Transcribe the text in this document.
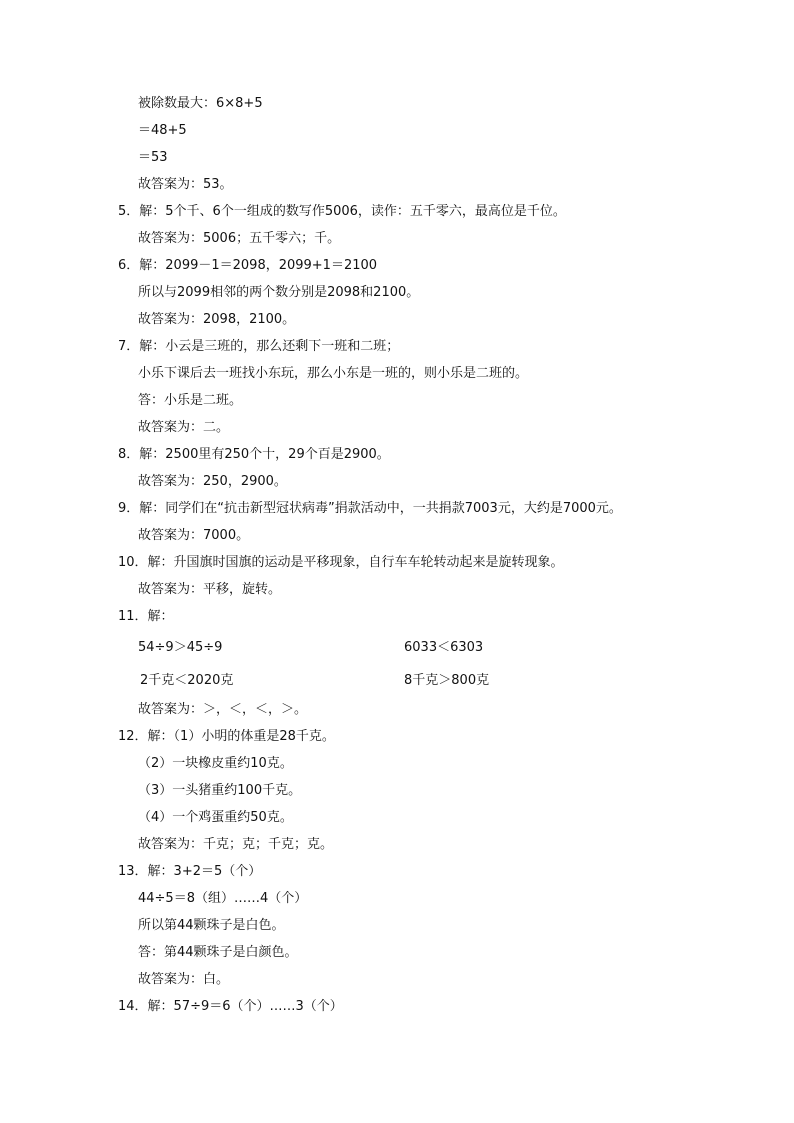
被除数最大：6×8+5
＝48+5
＝53
故答案为：53。
5．解：5个千、6个一组成的数写作5006，读作：五千零六，最高位是千位。
故答案为：5006；五千零六；千。
6．解：2099－1＝2098，2099+1＝2100
所以与2099相邻的两个数分别是2098和2100。
故答案为：2098，2100。
7．解：小云是三班的，那么还剩下一班和二班；
小乐下课后去一班找小东玩，那么小东是一班的，则小乐是二班的。
答：小乐是二班。
故答案为：二。
8．解：2500里有250个十，29个百是2900。
故答案为：250，2900。
9．解：同学们在“抗击新型冠状病毒”捐款活动中，一共捐款7003元，大约是7000元。
故答案为：7000。
10．解：升国旗时国旗的运动是平移现象，自行车车轮转动起来是旋转现象。
故答案为：平移，旋转。
11．解：
54÷9＞45÷9	6033＜6303
2千克＜2020克	8千克＞800克
故答案为：＞，＜，＜，＞。
12．解：（1）小明的体重是28千克。
（2）一块橡皮重约10克。
（3）一头猪重约100千克。
（4）一个鸡蛋重约50克。
故答案为：千克；克；千克；克。
13．解：3+2＝5（个）
44÷5＝8（组）……4（个）
所以第44颗珠子是白色。
答：第44颗珠子是白颜色。
故答案为：白。
14．解：57÷9＝6（个）……3（个）
